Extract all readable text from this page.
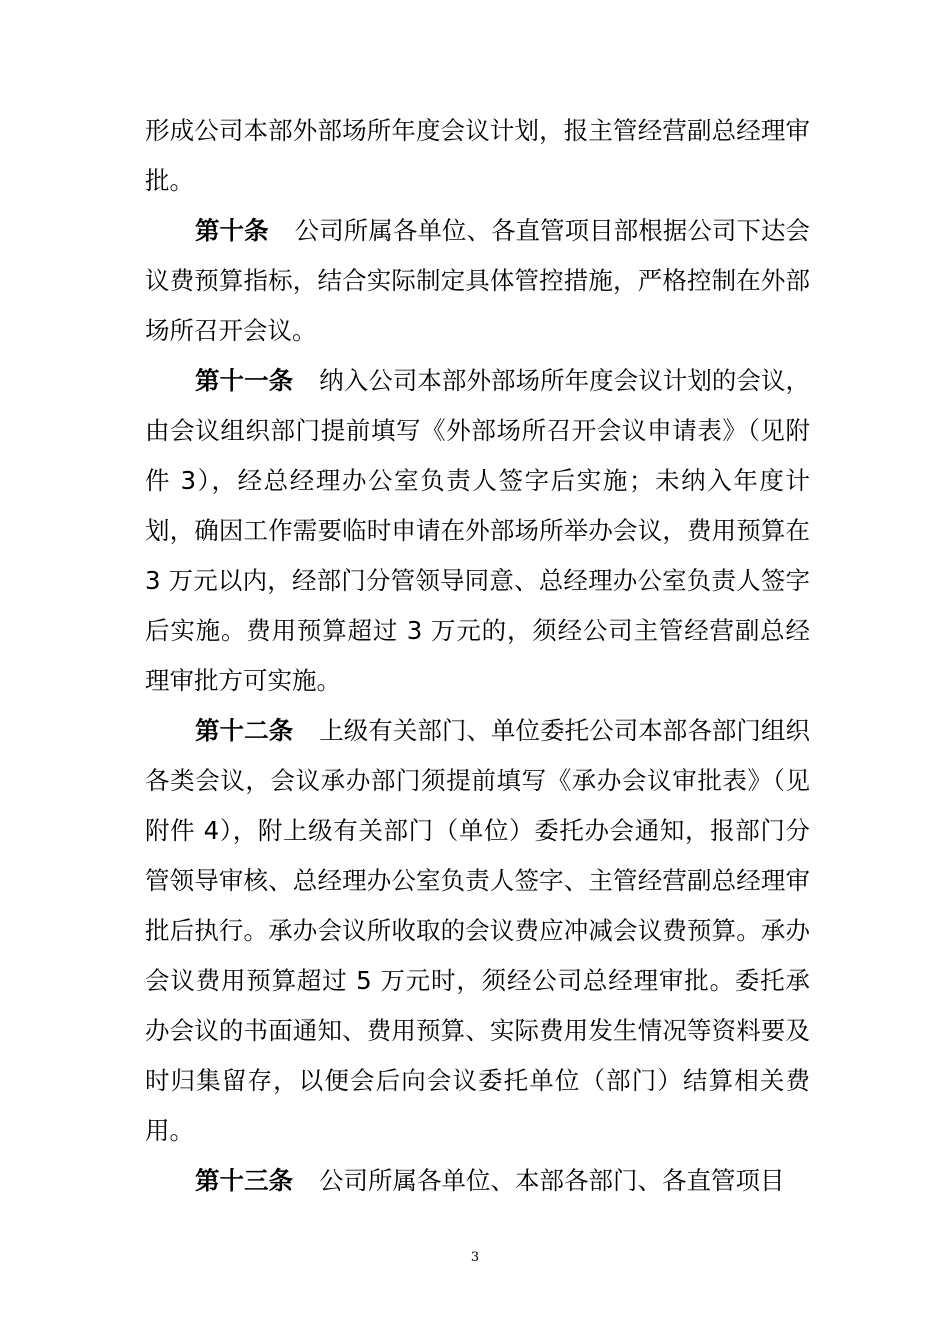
形成公司本部外部场所年度会议计划，报主管经营副总经理审批。

第十条 公司所属各单位、各直管项目部根据公司下达会议费预算指标，结合实际制定具体管控措施，严格控制在外部场所召开会议。

第十一条 纳入公司本部外部场所年度会议计划的会议，由会议组织部门提前填写《外部场所召开会议申请表》（见附件 3），经总经理办公室负责人签字后实施；未纳入年度计划，确因工作需要临时申请在外部场所举办会议，费用预算在 3 万元以内，经部门分管领导同意、总经理办公室负责人签字后实施。费用预算超过 3 万元的，须经公司主管经营副总经理审批方可实施。

第十二条 上级有关部门、单位委托公司本部各部门组织各类会议，会议承办部门须提前填写《承办会议审批表》（见附件 4），附上级有关部门（单位）委托办会通知，报部门分管领导审核、总经理办公室负责人签字、主管经营副总经理审批后执行。承办会议所收取的会议费应冲减会议费预算。承办会议费用预算超过 5 万元时，须经公司总经理审批。委托承办会议的书面通知、费用预算、实际费用发生情况等资料要及时归集留存，以便会后向会议委托单位（部门）结算相关费用。

第十三条 公司所属各单位、本部各部门、各直管项目

3
